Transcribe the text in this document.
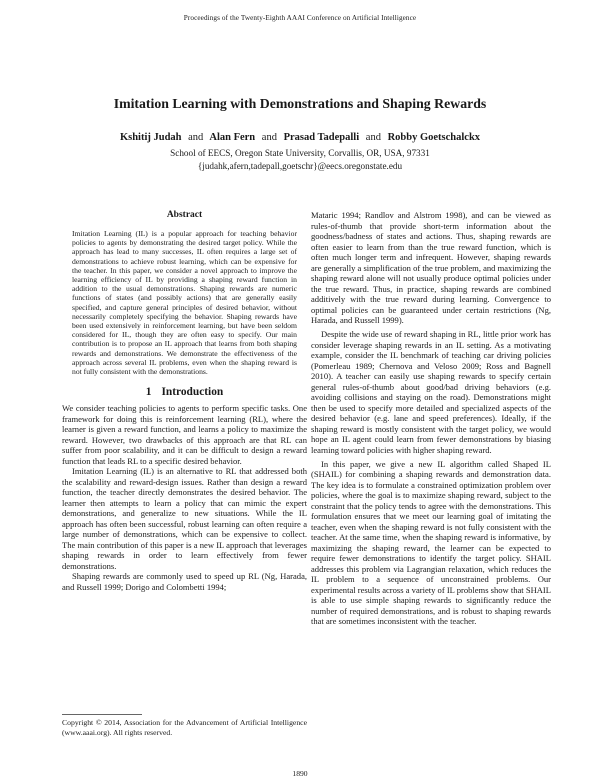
Proceedings of the Twenty-Eighth AAAI Conference on Artificial Intelligence
Imitation Learning with Demonstrations and Shaping Rewards
Kshitij Judah and Alan Fern and Prasad Tadepalli and Robby Goetschalckx
School of EECS, Oregon State University, Corvallis, OR, USA, 97331
{judahk,afern,tadepall,goetschr}@eecs.oregonstate.edu
Abstract

Imitation Learning (IL) is a popular approach for teaching behavior policies to agents by demonstrating the desired target policy. While the approach has lead to many successes, IL often requires a large set of demonstrations to achieve robust learning, which can be expensive for the teacher. In this paper, we consider a novel approach to improve the learning efficiency of IL by providing a shaping reward function in addition to the usual demonstrations. Shaping rewards are numeric functions of states (and possibly actions) that are generally easily specified, and capture general principles of desired behavior, without necessarily completely specifying the behavior. Shaping rewards have been used extensively in reinforcement learning, but have been seldom considered for IL, though they are often easy to specify. Our main contribution is to propose an IL approach that learns from both shaping rewards and demonstrations. We demonstrate the effectiveness of the approach across several IL problems, even when the shaping reward is not fully consistent with the demonstrations.

1 Introduction

We consider teaching policies to agents to perform specific tasks. One framework for doing this is reinforcement learning (RL), where the learner is given a reward function, and learns a policy to maximize the reward. However, two drawbacks of this approach are that RL can suffer from poor scalability, and it can be difficult to design a reward function that leads RL to a specific desired behavior.

Imitation Learning (IL) is an alternative to RL that addressed both the scalability and reward-design issues. Rather than design a reward function, the teacher directly demonstrates the desired behavior. The learner then attempts to learn a policy that can mimic the expert demonstrations, and generalize to new situations. While the IL approach has often been successful, robust learning can often require a large number of demonstrations, which can be expensive to collect. The main contribution of this paper is a new IL approach that leverages shaping rewards in order to learn effectively from fewer demonstrations.

Shaping rewards are commonly used to speed up RL (Ng, Harada, and Russell 1999; Dorigo and Colombetti 1994;

Mataric 1994; Randlov and Alstrom 1998), and can be viewed as rules-of-thumb that provide short-term information about the goodness/badness of states and actions. Thus, shaping rewards are often easier to learn from than the true reward function, which is often much longer term and infrequent. However, shaping rewards are generally a simplification of the true problem, and maximizing the shaping reward alone will not usually produce optimal policies under the true reward. Thus, in practice, shaping rewards are combined additively with the true reward during learning. Convergence to optimal policies can be guaranteed under certain restrictions (Ng, Harada, and Russell 1999).

Despite the wide use of reward shaping in RL, little prior work has consider leverage shaping rewards in an IL setting. As a motivating example, consider the IL benchmark of teaching car driving policies (Pomerleau 1989; Chernova and Veloso 2009; Ross and Bagnell 2010). A teacher can easily use shaping rewards to specify certain general rules-of-thumb about good/bad driving behaviors (e.g. avoiding collisions and staying on the road). Demonstrations might then be used to specify more detailed and specialized aspects of the desired behavior (e.g. lane and speed preferences). Ideally, if the shaping reward is mostly consistent with the target policy, we would hope an IL agent could learn from fewer demonstrations by biasing learning toward policies with higher shaping reward.

In this paper, we give a new IL algorithm called Shaped IL (SHAIL) for combining a shaping rewards and demonstration data. The key idea is to formulate a constrained optimization problem over policies, where the goal is to maximize shaping reward, subject to the constraint that the policy tends to agree with the demonstrations. This formulation ensures that we meet our learning goal of imitating the teacher, even when the shaping reward is not fully consistent with the teacher. At the same time, when the shaping reward is informative, by maximizing the shaping reward, the learner can be expected to require fewer demonstrations to identify the target policy. SHAIL addresses this problem via Lagrangian relaxation, which reduces the IL problem to a sequence of unconstrained problems. Our experimental results across a variety of IL problems show that SHAIL is able to use simple shaping rewards to significantly reduce the number of required demonstrations, and is robust to shaping rewards that are sometimes inconsistent with the teacher.

Copyright © 2014, Association for the Advancement of Artificial Intelligence (www.aaai.org). All rights reserved.
1890
